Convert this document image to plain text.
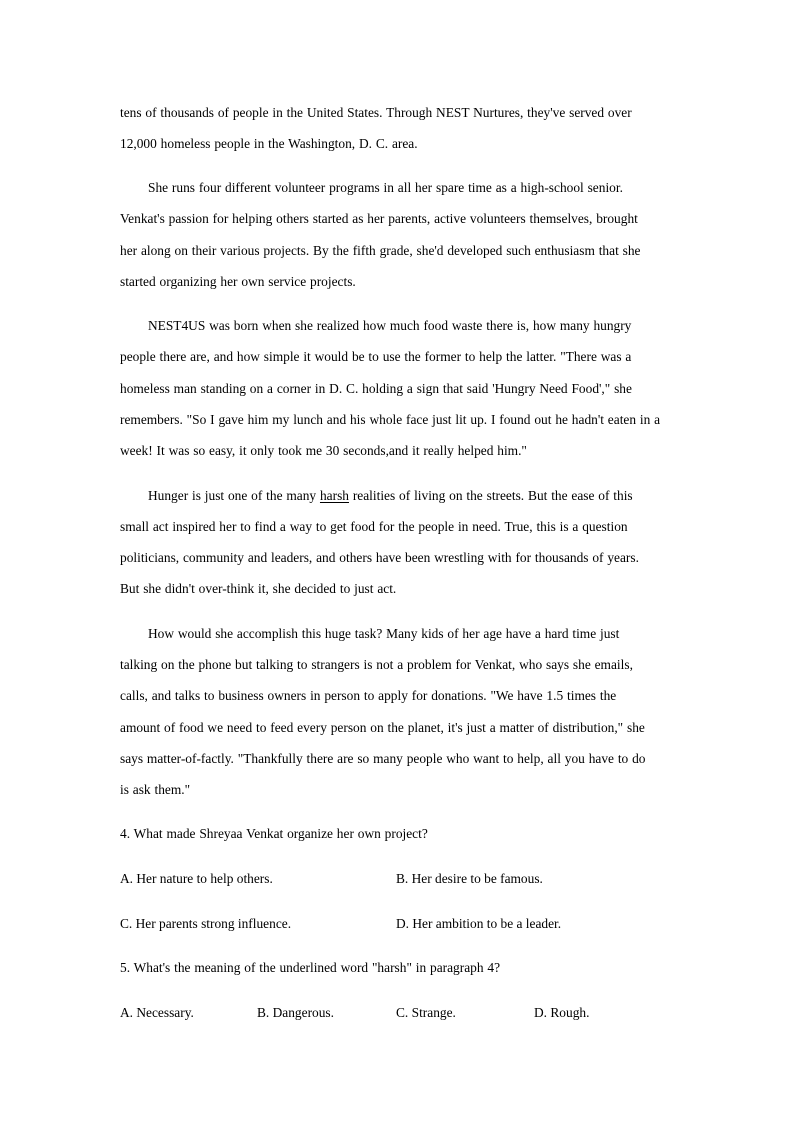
tens of thousands of people in the United States. Through NEST Nurtures, they've served over
12,000 homeless people in the Washington, D. C. area.
She runs four different volunteer programs in all her spare time as a high-school senior.
Venkat's passion for helping others started as her parents, active volunteers themselves, brought
her along on their various projects. By the fifth grade, she'd developed such enthusiasm that she
started organizing her own service projects.
NEST4US was born when she realized how much food waste there is, how many hungry
people there are, and how simple it would be to use the former to help the latter. "There was a
homeless man standing on a corner in D. C. holding a sign that said 'Hungry Need Food'," she
remembers. "So I gave him my lunch and his whole face just lit up. I found out he hadn't eaten in a
week! It was so easy, it only took me 30 seconds,and it really helped him."
Hunger is just one of the many harsh realities of living on the streets. But the ease of this
small act inspired her to find a way to get food for the people in need. True, this is a question
politicians, community and leaders, and others have been wrestling with for thousands of years.
But she didn't over-think it, she decided to just act.
How would she accomplish this huge task? Many kids of her age have a hard time just
talking on the phone but talking to strangers is not a problem for Venkat, who says she emails,
calls, and talks to business owners in person to apply for donations. "We have 1.5 times the
amount of food we need to feed every person on the planet, it's just a matter of distribution," she
says matter-of-factly. "Thankfully there are so many people who want to help, all you have to do
is ask them."
4. What made Shreyaa Venkat organize her own project?
A. Her nature to help others.	B. Her desire to be famous.
C. Her parents strong influence.	D. Her ambition to be a leader.
5. What's the meaning of the underlined word "harsh" in paragraph 4?
A. Necessary.	B. Dangerous.	C. Strange.	D. Rough.
